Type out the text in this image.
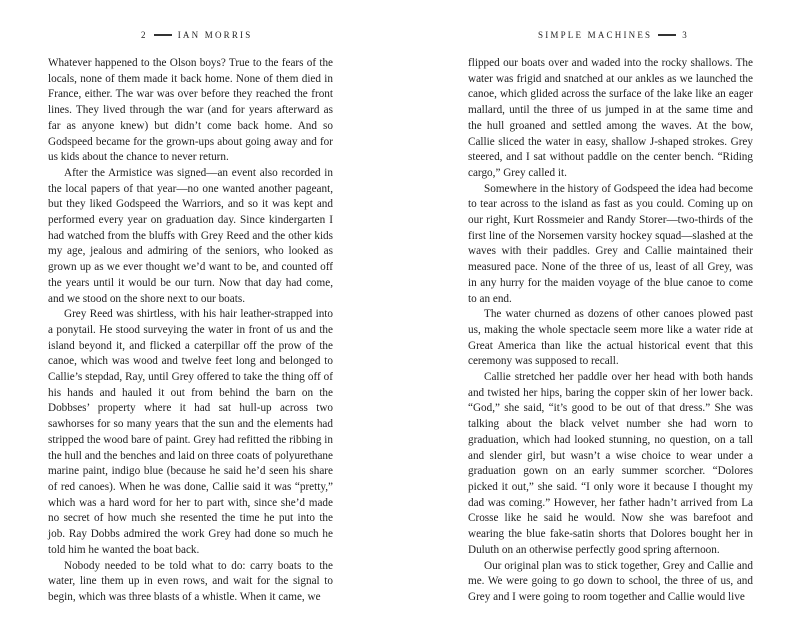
2	IAN MORRIS

Whatever happened to the Olson boys? True to the fears of the locals, none of them made it back home. None of them died in France, either. The war was over before they reached the front lines. They lived through the war (and for years afterward as far as anyone knew) but didn’t come back home. And so Godspeed became for the grown-ups about going away and for us kids about the chance to never return.

After the Armistice was signed—an event also recorded in the local papers of that year—no one wanted another pageant, but they liked Godspeed the Warriors, and so it was kept and performed every year on graduation day. Since kindergarten I had watched from the bluffs with Grey Reed and the other kids my age, jealous and admiring of the seniors, who looked as grown up as we ever thought we’d want to be, and counted off the years until it would be our turn. Now that day had come, and we stood on the shore next to our boats.

Grey Reed was shirtless, with his hair leather-strapped into a ponytail. He stood surveying the water in front of us and the island beyond it, and flicked a caterpillar off the prow of the canoe, which was wood and twelve feet long and belonged to Callie’s stepdad, Ray, until Grey offered to take the thing off of his hands and hauled it out from behind the barn on the Dobbses’ property where it had sat hull-up across two sawhorses for so many years that the sun and the elements had stripped the wood bare of paint. Grey had refitted the ribbing in the hull and the benches and laid on three coats of polyurethane marine paint, indigo blue (because he said he’d seen his share of red canoes). When he was done, Callie said it was “pretty,” which was a hard word for her to part with, since she’d made no secret of how much she resented the time he put into the job. Ray Dobbs admired the work Grey had done so much he told him he wanted the boat back.

Nobody needed to be told what to do: carry boats to the water, line them up in even rows, and wait for the signal to begin, which was three blasts of a whistle. When it came, we

SIMPLE MACHINES	3

flipped our boats over and waded into the rocky shallows. The water was frigid and snatched at our ankles as we launched the canoe, which glided across the surface of the lake like an eager mallard, until the three of us jumped in at the same time and the hull groaned and settled among the waves. At the bow, Callie sliced the water in easy, shallow J-shaped strokes. Grey steered, and I sat without paddle on the center bench. “Riding cargo,” Grey called it.

Somewhere in the history of Godspeed the idea had become to tear across to the island as fast as you could. Coming up on our right, Kurt Rossmeier and Randy Storer—two-thirds of the first line of the Norsemen varsity hockey squad—slashed at the waves with their paddles. Grey and Callie maintained their measured pace. None of the three of us, least of all Grey, was in any hurry for the maiden voyage of the blue canoe to come to an end.

The water churned as dozens of other canoes plowed past us, making the whole spectacle seem more like a water ride at Great America than like the actual historical event that this ceremony was supposed to recall.

Callie stretched her paddle over her head with both hands and twisted her hips, baring the copper skin of her lower back. “God,” she said, “it’s good to be out of that dress.” She was talking about the black velvet number she had worn to graduation, which had looked stunning, no question, on a tall and slender girl, but wasn’t a wise choice to wear under a graduation gown on an early summer scorcher. “Dolores picked it out,” she said. “I only wore it because I thought my dad was coming.” However, her father hadn’t arrived from La Crosse like he said he would. Now she was barefoot and wearing the blue fake-satin shorts that Dolores bought her in Duluth on an otherwise perfectly good spring afternoon.

Our original plan was to stick together, Grey and Callie and me. We were going to go down to school, the three of us, and Grey and I were going to room together and Callie would live
